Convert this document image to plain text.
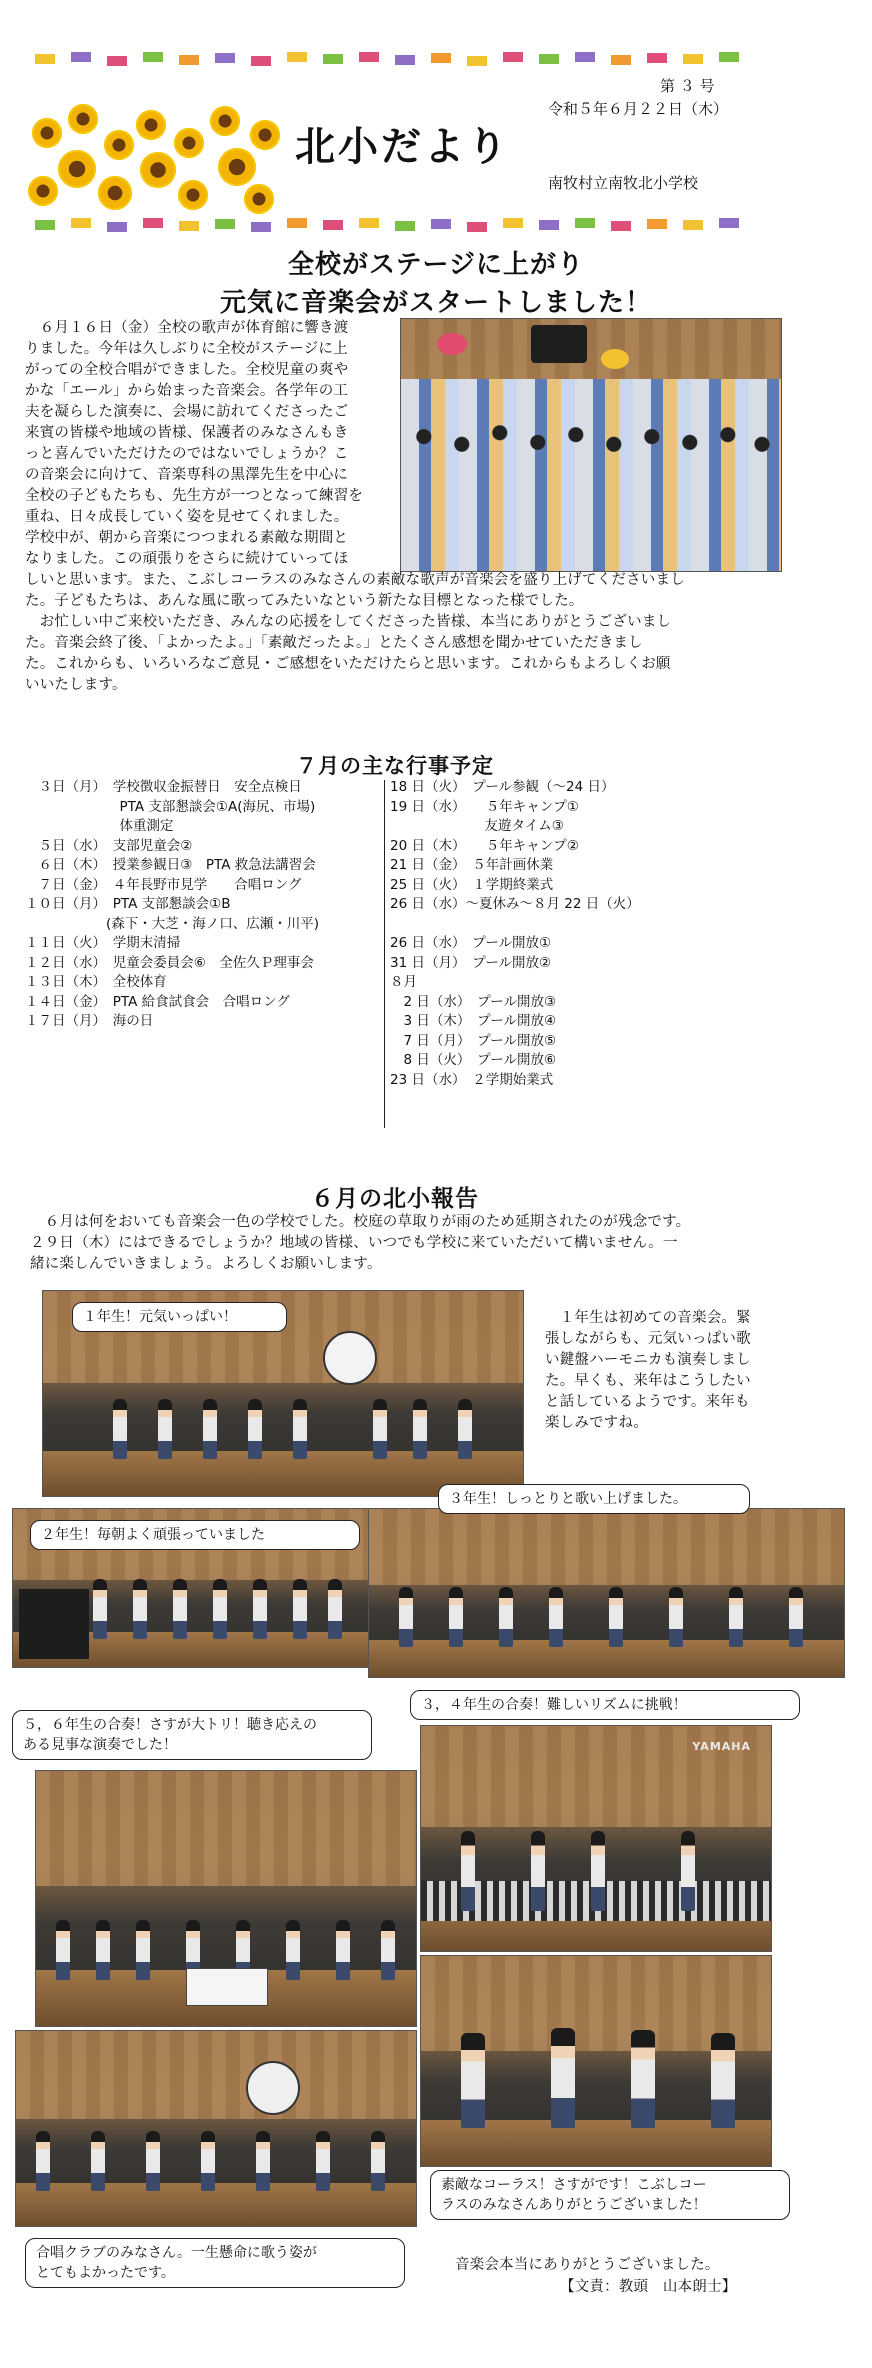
北小だより
第 ３ 号
令和５年６月２２日（木）
南牧村立南牧北小学校
全校がステージに上がり
元気に音楽会がスタートしました！
　６月１６日（金）全校の歌声が体育館に響き渡
りました。今年は久しぶりに全校がステージに上
がっての全校合唱ができました。全校児童の爽や
かな「エール」から始まった音楽会。各学年の工
夫を凝らした演奏に、会場に訪れてくださったご
来賓の皆様や地域の皆様、保護者のみなさんもき
っと喜んでいただけたのではないでしょうか？こ
の音楽会に向けて、音楽専科の黒澤先生を中心に
全校の子どもたちも、先生方が一つとなって練習を
重ね、日々成長していく姿を見せてくれました。
学校中が、朝から音楽につつまれる素敵な期間と
なりました。この頑張りをさらに続けていってほ
しいと思います。また、こぶしコーラスのみなさんの素敵な歌声が音楽会を盛り上げてくださいまし
た。子どもたちは、あんな風に歌ってみたいなという新たな目標となった様でした。
　お忙しい中ご来校いただき、みんなの応援をしてくださった皆様、本当にありがとうございまし
た。音楽会終了後、「よかったよ。」「素敵だったよ。」とたくさん感想を聞かせていただきまし
た。これからも、いろいろなご意見・ご感想をいただけたらと思います。これからもよろしくお願
いいたします。
７月の主な行事予定
　３日（月）　学校徴収金振替日　安全点検日
　　　　　　　PTA 支部懇談会①A(海尻、市場)
　　　　　　　体重測定
　５日（水）　支部児童会②
　６日（木）　授業参観日③　PTA 救急法講習会
　７日（金）　４年長野市見学　　合唱ロング
１０日（月）　PTA 支部懇談会①B
　　　　　　(森下・大芝・海ノ口、広瀬・川平)
１１日（火）　学期末清掃
１２日（水）　児童会委員会⑥　全佐久Ｐ理事会
１３日（木）　全校体育
１４日（金）　PTA 給食試食会　合唱ロング
１７日（月）　海の日
18 日（火）　プール参観（～24 日）
19 日（水）　　５年キャンプ①
　　　　　　　友遊タイム③
20 日（木）　　５年キャンプ②
21 日（金）　５年計画休業
25 日（火）　１学期終業式
26 日（水）～夏休み～８月 22 日（火）
26 日（水）　プール開放①
31 日（月）　プール開放②
８月
　2 日（水）　プール開放③
　3 日（木）　プール開放④
　7 日（月）　プール開放⑤
　8 日（火）　プール開放⑥
23 日（水）　２学期始業式
６月の北小報告
　６月は何をおいても音楽会一色の学校でした。校庭の草取りが雨のため延期されたのが残念です。
２９日（木）にはできるでしょうか？地域の皆様、いつでも学校に来ていただいて構いません。一
緒に楽しんでいきましょう。よろしくお願いします。
１年生！元気いっぱい！	　１年生は初めての音楽会。緊
張しながらも、元気いっぱい歌
い鍵盤ハーモニカも演奏しまし
た。早くも、来年はこうしたい
と話しているようです。来年も
楽しみですね。
２年生！毎朝よく頑張っていました
３年生！しっとりと歌い上げました。
３，４年生の合奏！難しいリズムに挑戦！
５，６年生の合奏！さすが大トリ！聴き応えの
ある見事な演奏でした！	YAMAHA
素敵なコーラス！さすがです！こぶしコー
ラスのみなさんありがとうございました！
合唱クラブのみなさん。一生懸命に歌う姿が
とてもよかったです。	音楽会本当にありがとうございました。
【文責：教頭　山本朗士】
